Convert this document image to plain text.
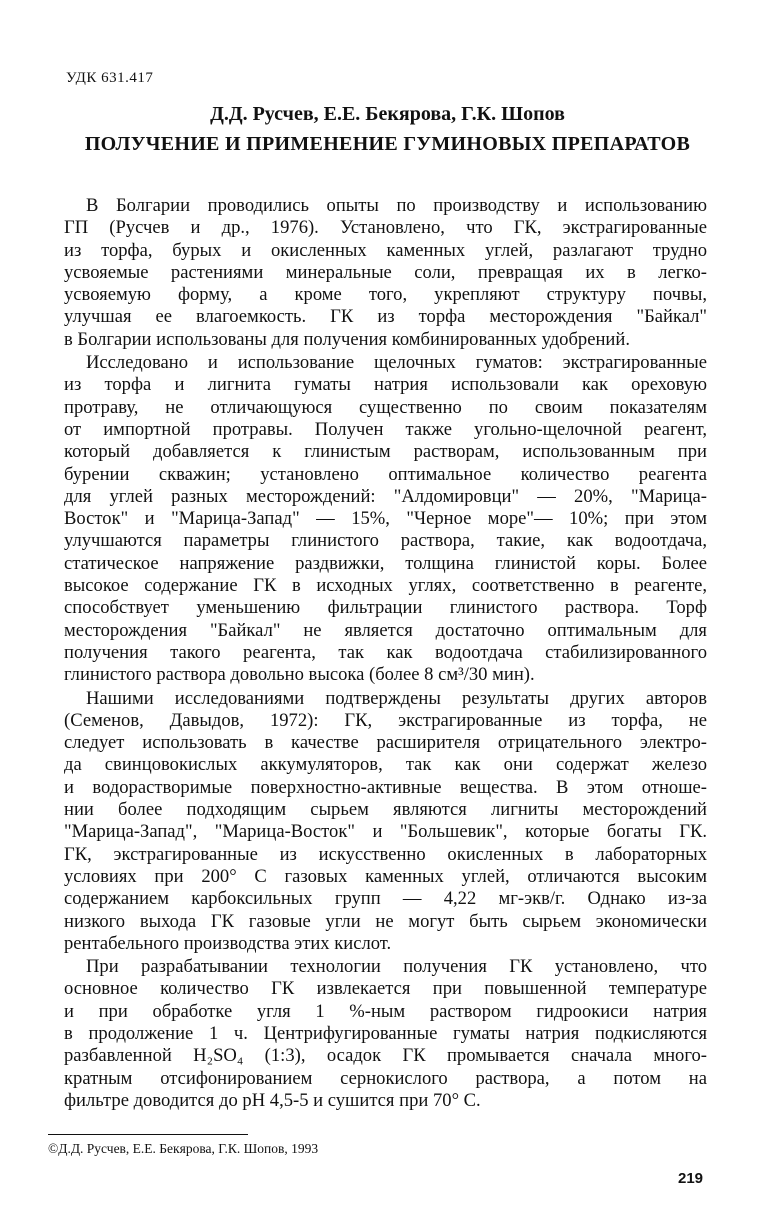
УДК 631.417
Д.Д. Русчев, Е.Е. Бекярова, Г.К. Шопов
ПОЛУЧЕНИЕ И ПРИМЕНЕНИЕ ГУМИНОВЫХ ПРЕПАРАТОВ

В Болгарии проводились опыты по производству и использованию
ГП (Русчев и др., 1976). Установлено, что ГК, экстрагированные
из торфа, бурых и окисленных каменных углей, разлагают трудно
усвояемые растениями минеральные соли, превращая их в легко-
усвояемую форму, а кроме того, укрепляют структуру почвы,
улучшая ее влагоемкость. ГК из торфа месторождения "Байкал"
в Болгарии использованы для получения комбинированных удобрений.

Исследовано и использование щелочных гуматов: экстрагированные
из торфа и лигнита гуматы натрия использовали как ореховую
протраву, не отличающуюся существенно по своим показателям
от импортной протравы. Получен также угольно-щелочной реагент,
который добавляется к глинистым растворам, использованным при
бурении скважин; установлено оптимальное количество реагента
для углей разных месторождений: "Алдомировци" — 20%, "Марица-
Восток" и "Марица-Запад" — 15%, "Черное море"— 10%; при этом
улучшаются параметры глинистого раствора, такие, как водоотдача,
статическое напряжение раздвижки, толщина глинистой коры. Более
высокое содержание ГК в исходных углях, соответственно в реагенте,
способствует уменьшению фильтрации глинистого раствора. Торф
месторождения "Байкал" не является достаточно оптимальным для
получения такого реагента, так как водоотдача стабилизированного
глинистого раствора довольно высока (более 8 см³/30 мин).

Нашими исследованиями подтверждены результаты других авторов
(Семенов, Давыдов, 1972): ГК, экстрагированные из торфа, не
следует использовать в качестве расширителя отрицательного электро-
да свинцовокислых аккумуляторов, так как они содержат железо
и водорастворимые поверхностно-активные вещества. В этом отноше-
нии более подходящим сырьем являются лигниты месторождений
"Марица-Запад", "Марица-Восток" и "Большевик", которые богаты ГК.
ГК, экстрагированные из искусственно окисленных в лабораторных
условиях при 200° С газовых каменных углей, отличаются высоким
содержанием карбоксильных групп — 4,22 мг-экв/г. Однако из-за
низкого выхода ГК газовые угли не могут быть сырьем экономически
рентабельного производства этих кислот.

При разрабатывании технологии получения ГК установлено, что
основное количество ГК извлекается при повышенной температуре
и при обработке угля 1 %-ным раствором гидроокиси натрия
в продолжение 1 ч. Центрифугированные гуматы натрия подкисляются
разбавленной H₂SO₄ (1:3), осадок ГК промывается сначала много-
кратным отсифонированием сернокислого раствора, а потом на
фильтре доводится до pH 4,5-5 и сушится при 70° С.

©Д.Д. Русчев, Е.Е. Бекярова, Г.К. Шопов, 1993
219
